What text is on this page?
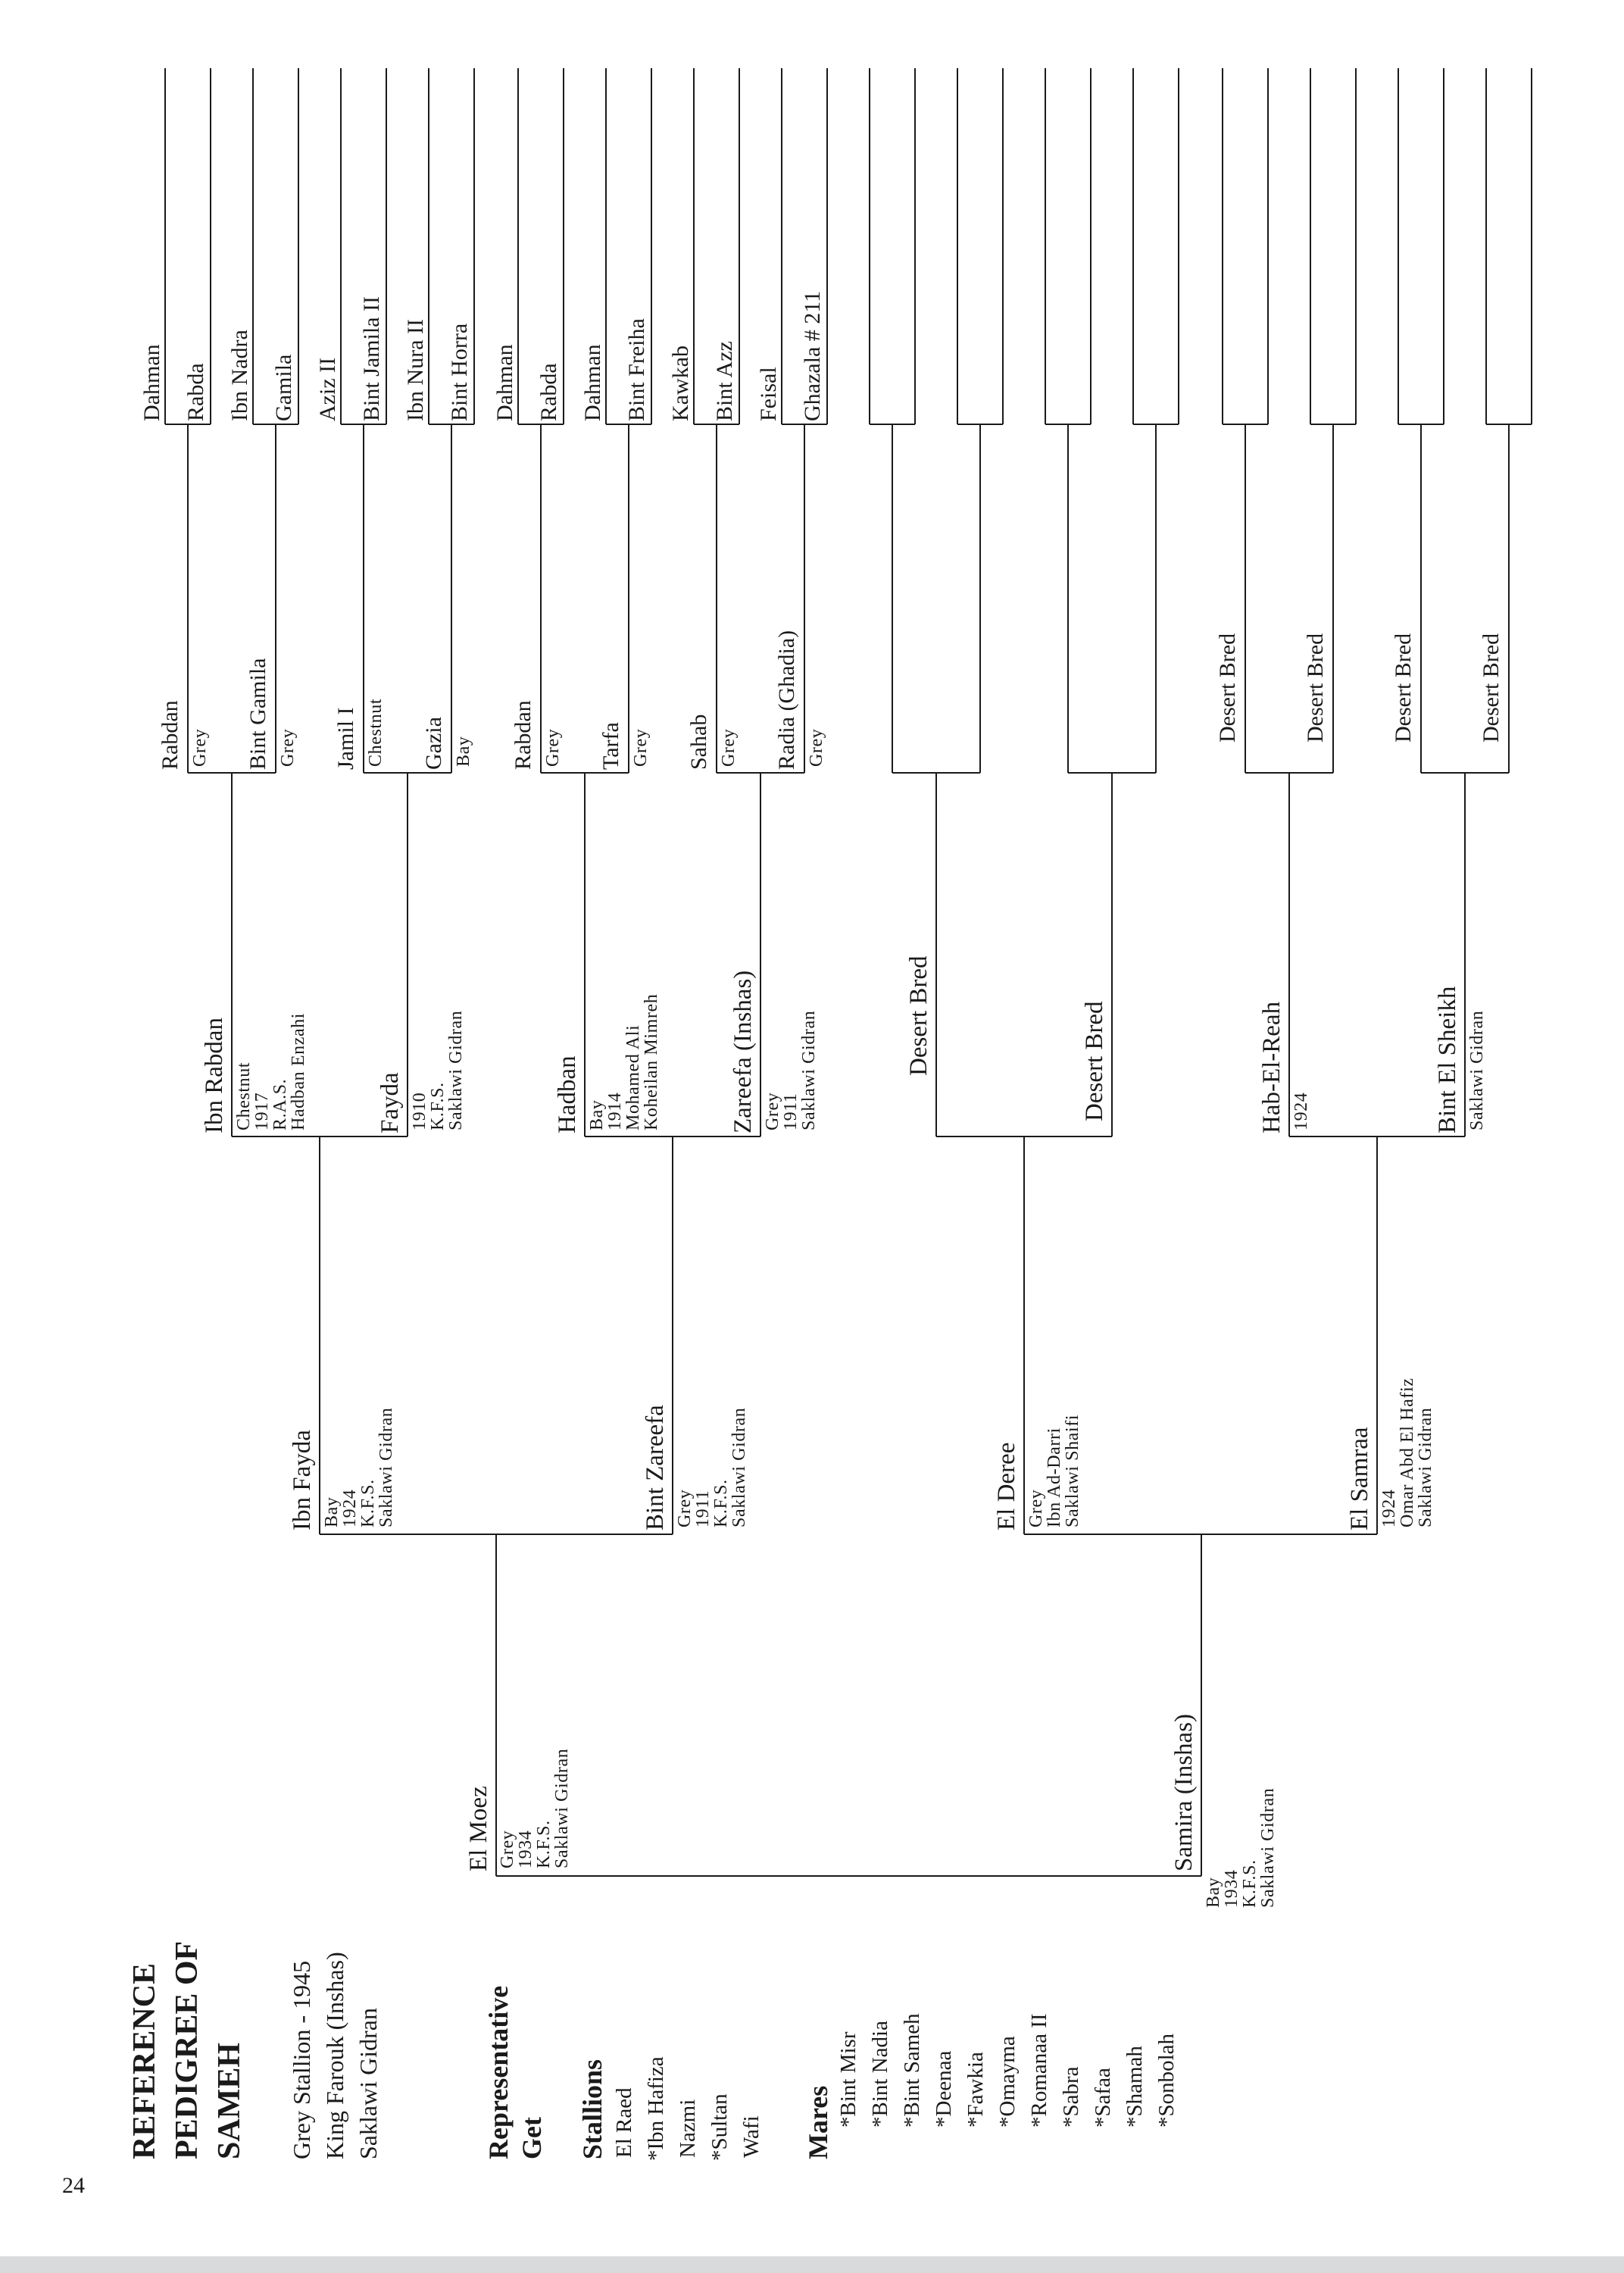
REFERENCE PEDIGREE OF SAMEH Grey Stallion - 1945 King Farouk (Inshas) Saklawi Gidran	Representative Get Stallions El Raed *Ibn Hafiza Nazmi *Sultan Wafi Mares *Bint Misr *Bint Nadia *Bint Sameh *Deenaa *Fawkia *Omayma *Romanaa II *Sabra *Safaa *Shamah *Sonbolah
El Moez Grey
1934
K.F.S.
Saklawi Gidran	Samira (Inshas)
Bay
1934
K.F.S.
Saklawi Gidran
Ibn Fayda Bay
1924
K.F.S.
Saklawi Gidran	Bint Zareefa Grey
1911
K.F.S.
Saklawi Gidran	El Deree Grey
Ibn Ad-Darri
Saklawi Shaifi	El Samraa 1924
Omar Abd El Hafiz
Saklawi Gidran
Ibn Rabdan Chestnut
1917
R.A.S.
Hadban Enzahi	Fayda 1910
K.F.S.
Saklawi Gidran	Hadban Bay
1914
Mohamed Ali
Koheilan Mimreh	Zareefa (Inshas) Grey
1911
Saklawi Gidran	Desert Bred	Desert Bred	Hab-El-Reah 1924	Bint El Sheikh Saklawi Gidran
Rabdan Grey Bint Gamila Grey Jamil I Chestnut Gazia Bay Rabdan Grey Tarfa Grey Sahab Grey Radia (Ghadia) Grey
Desert Bred	Desert Bred	Desert Bred	Desert Bred
Dahman Rabda Ibn Nadra Gamila Aziz II Bint Jamila II Ibn Nura II Bint Horra Dahman Rabda Dahman Bint Freiha Kawkab Bint Azz Feisal Ghazala # 211
24
